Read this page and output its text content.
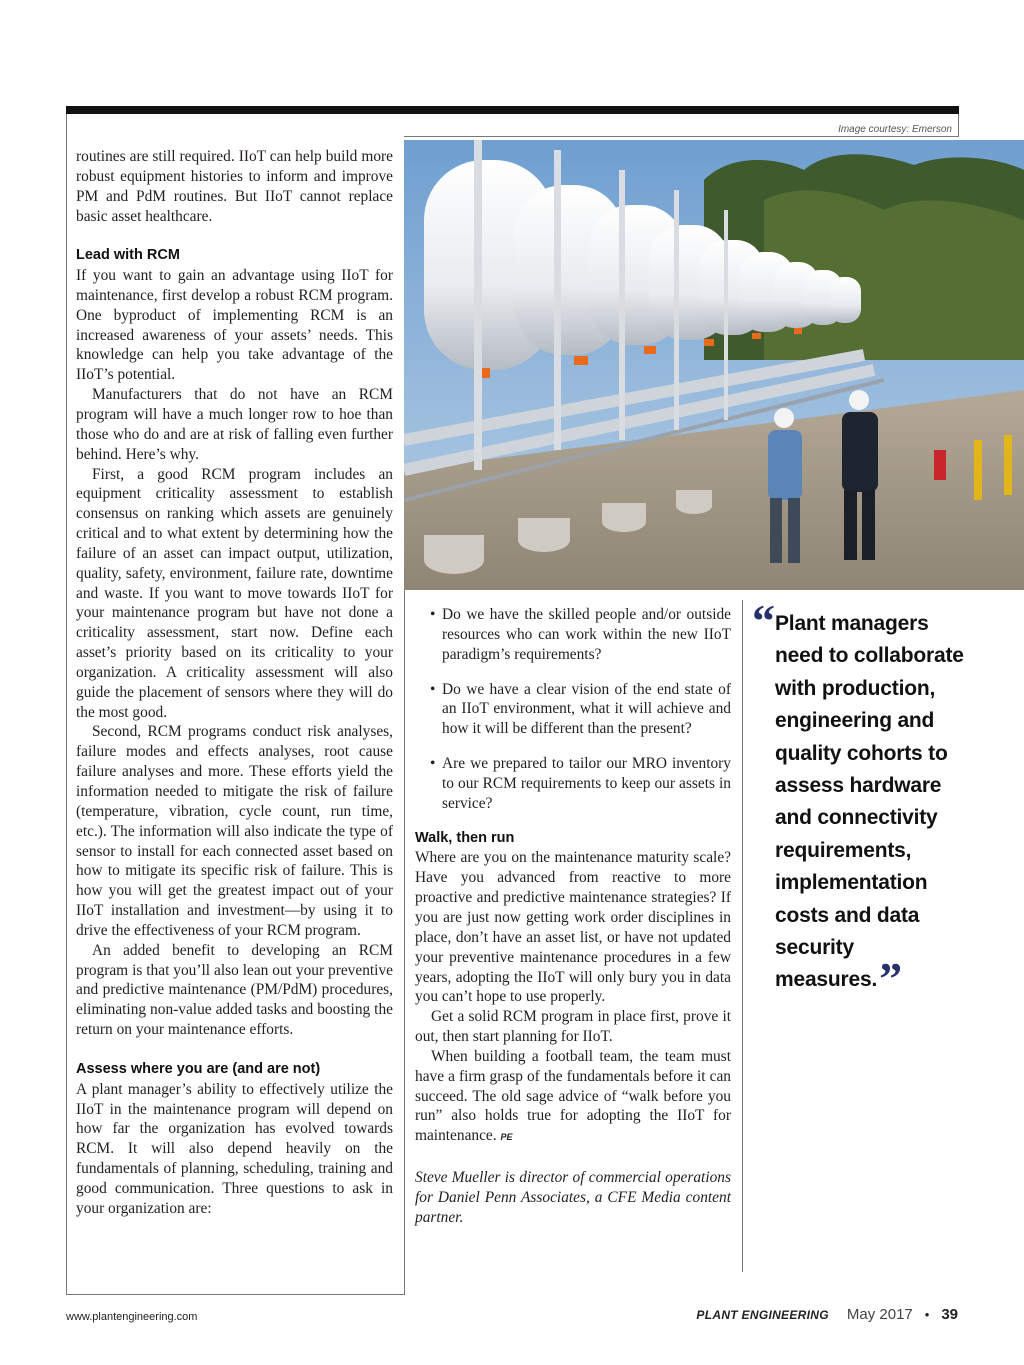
Image courtesy: Emerson

routines are still required. IIoT can help build more robust equipment histories to inform and improve PM and PdM routines. But IIoT cannot replace basic asset healthcare.

Lead with RCM

If you want to gain an advantage using IIoT for maintenance, first develop a robust RCM program. One byproduct of implementing RCM is an increased awareness of your assets’ needs. This knowledge can help you take advantage of the IIoT’s potential.

Manufacturers that do not have an RCM program will have a much longer row to hoe than those who do and are at risk of falling even further behind. Here’s why.

First, a good RCM program includes an equipment criticality assessment to establish consensus on ranking which assets are genuinely critical and to what extent by determining how the failure of an asset can impact output, utilization, quality, safety, environment, failure rate, downtime and waste. If you want to move towards IIoT for your maintenance program but have not done a criticality assessment, start now. Define each asset’s priority based on its criticality to your organization. A criticality assessment will also guide the placement of sensors where they will do the most good.

Second, RCM programs conduct risk analyses, failure modes and effects analyses, root cause failure analyses and more. These efforts yield the information needed to mitigate the risk of failure (temperature, vibration, cycle count, run time, etc.). The information will also indicate the type of sensor to install for each connected asset based on how to mitigate its specific risk of failure. This is how you will get the greatest impact out of your IIoT installation and investment—by using it to drive the effectiveness of your RCM program.

An added benefit to developing an RCM program is that you’ll also lean out your preventive and predictive maintenance (PM/PdM) procedures, eliminating non-value added tasks and boosting the return on your maintenance efforts.

Assess where you are (and are not)

A plant manager’s ability to effectively utilize the IIoT in the maintenance program will depend on how far the organization has evolved towards RCM. It will also depend heavily on the fundamentals of planning, scheduling, training and good communication. Three questions to ask in your organization are:

• Do we have the skilled people and/or outside resources who can work within the new IIoT paradigm’s requirements?
• Do we have a clear vision of the end state of an IIoT environment, what it will achieve and how it will be different than the present?
• Are we prepared to tailor our MRO inventory to our RCM requirements to keep our assets in service?
Walk, then run

Where are you on the maintenance maturity scale? Have you advanced from reactive to more proactive and predictive maintenance strategies? If you are just now getting work order disciplines in place, don’t have an asset list, or have not updated your preventive maintenance procedures in a few years, adopting the IIoT will only bury you in data you can’t hope to use properly.

Get a solid RCM program in place first, prove it out, then start planning for IIoT.

When building a football team, the team must have a firm grasp of the fundamentals before it can succeed. The old sage advice of “walk before you run” also holds true for adopting the IIoT for maintenance. PE

Steve Mueller is director of commercial operations for Daniel Penn Associates, a CFE Media content partner.

“ Plant managers need to collaborate with production, engineering and quality cohorts to assess hardware and connectivity requirements, implementation costs and data security measures.”
www.plantengineering.com	PLANT ENGINEERING May 2017 • 39
